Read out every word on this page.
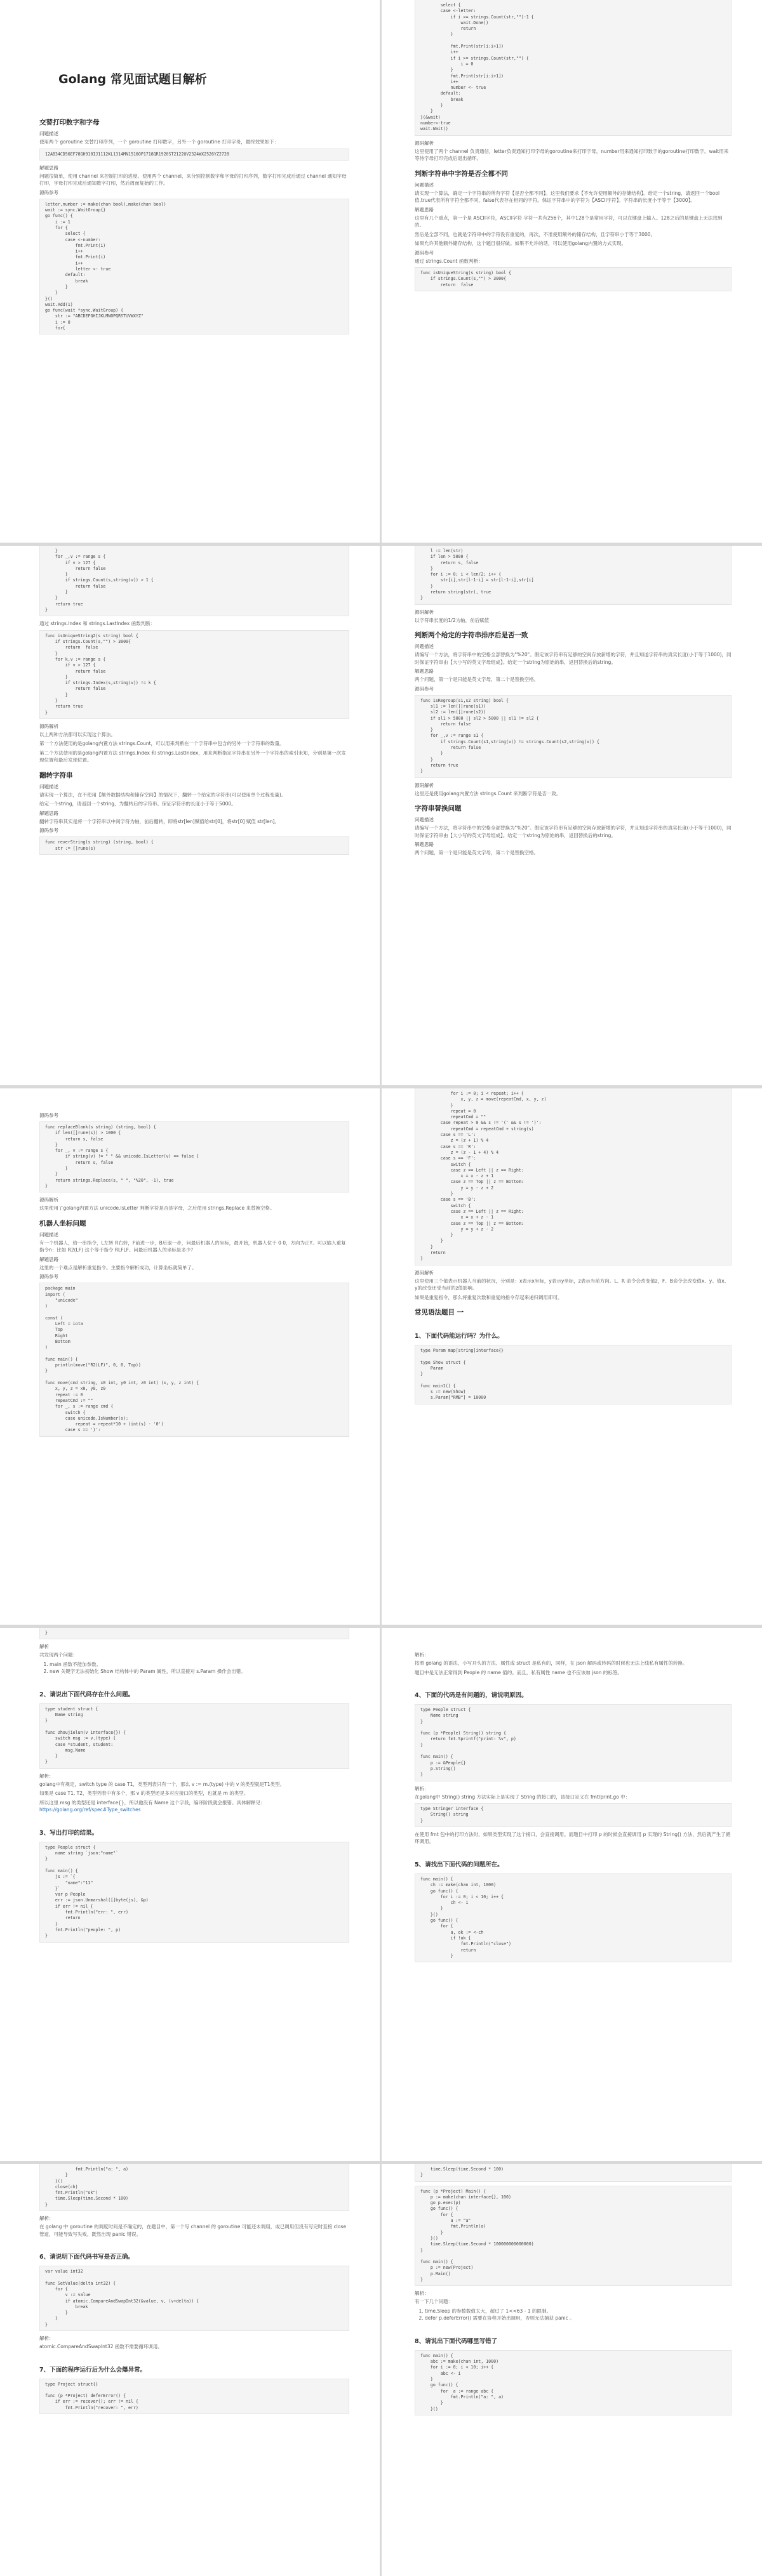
Golang 常见面试题目解析
交替打印数字和字母
问题描述
使用两个 goroutine 交替打印序列，一个 goroutine 打印数字，另外一个 goroutine 打印字母，最终效果如下：
12AB34CD56EF78GH910IJ1112KL1314MN1516OP1718QR1920ST2122UV2324WX2526YZ2728
解题思路
问题很简单，使用 channel 来控制打印的进度。使用两个 channel，来分别控制数字和字母的打印序列，数字打印完成后通过 channel 通知字母打印，字母打印完成后通知数字打印，然后周而复始的工作。
源码参考
letter,number := make(chan bool),make(chan bool)
wait := sync.WaitGroup{}
go func() {
i := 1
for {
select {
case <-number:
fmt.Print(i)
i++
fmt.Print(i)
i++
letter <- true
default:
break
}
}
}()
wait.Add(1)
go func(wait *sync.WaitGroup) {
str := "ABCDEFGHIJKLMNOPQRSTUVWXYZ"
i := 0
for{
select {
case <-letter:
if i >= strings.Count(str,"")-1 {
wait.Done()
return
}

fmt.Print(str[i:i+1])
i++
if i >= strings.Count(str,"") {
i = 0
}
fmt.Print(str[i:i+1])
i++
number <- true
default:
break
}
}
}(&wait)
number<-true
wait.Wait()
源码解析
这里使用了两个 channel 负责通信，letter负责通知打印字母的goroutine来打印字母，number用来通知打印数字的goroutine打印数字。wait用来等待字母打印完成后退出循环。
判断字符串中字符是否全都不同
问题描述
请实现一个算法，确定一个字符串的所有字符【是否全都不同】。这里我们要求【不允许使用额外的存储结构】。给定一个string，请返回一个bool值,true代表所有字符全都不同，false代表存在相同的字符。保证字符串中的字符为【ASCII字符】。字符串的长度小于等于【3000】。
解题思路
这里有几个重点，第一个是 ASCII字符，ASCII字符 字符一共有256个，其中128个是常用字符，可以在键盘上输入。128之后的是键盘上无法找到的。
然后是全部不同，也就是字符串中的字符没有重复的，再次，不准使用额外的储存结构，且字符串小于等于3000。
如果允许其他额外储存结构，这个题目很好做。如果不允许的话，可以使用golang内置的方式实现。
源码参考
通过 strings.Count 函数判断：
func isUniqueString(s string) bool {
if strings.Count(s,"") > 3000{
return  false
}
for _,v := range s {
if v > 127 {
return false
}
if strings.Count(s,string(v)) > 1 {
return false
}
}
return true
}
通过 strings.Index 和 strings.LastIndex 函数判断：
func isUniqueString2(s string) bool {
if strings.Count(s,"") > 3000{
return  false
}
for k,v := range s {
if v > 127 {
return false
}
if strings.Index(s,string(v)) != k {
return false
}
}
return true
}
源码解析
以上两种方法都可以实现这个算法。
第一个方法使用的是golang内置方法 strings.Count，可以用来判断在一个字符串中包含的另外一个字符串的数量。
第二个方法使用的是golang内置方法 strings.Index 和 strings.LastIndex，用来判断指定字符串在另外一个字符串的索引未知，分别是第一次发现位置和最后发现位置。
翻转字符串
问题描述
请实现一个算法，在不使用【额外数据结构和储存空间】的情况下，翻转一个给定的字符串(可以使用单个过程变量)。
给定一个string，请返回一个string，为翻转后的字符串。保证字符串的长度小于等于5000。
解题思路
翻转字符串其实是将一个字符串以中间字符为轴，前后翻转，即将str[len]赋值给str[0]，将str[0] 赋值 str[len]。
源码参考
func reverString(s string) (string, bool) {
str := []rune(s)
l := len(str)
if len > 5000 {
return s, false
}
for i := 0; i < len/2; i++ {
str[i],str[l-1-i] = str[l-1-i],str[i]
}
return string(str), true
}
源码解析
以字符串长度的1/2为轴，前后赋值
判断两个给定的字符串排序后是否一致
问题描述
请编写一个方法，将字符串中的空格全部替换为"%20"。假定该字符串有足够的空间存放新增的字符，并且知道字符串的真实长度(小于等于1000)，同时保证字符串由【大小写的英文字母组成】。给定一个string为原始的串，返回替换后的string。
解题思路
两个问题，第一个是只能是英文字母，第二个是替换空格。
源码参考
func isRegroup(s1,s2 string) bool {
sl1 := len([]rune(s1))
sl2 := len([]rune(s2))
if sl1 > 5000 || sl2 > 5000 || sl1 != sl2 {
return false
}
for _,v := range s1 {
if strings.Count(s1,string(v)) != strings.Count(s2,string(v)) {
return false
}
}
return true
}
源码解析
这里还是使用golang内置方法 strings.Count 来判断字符是否一致。
字符串替换问题
问题描述
请编写一个方法，将字符串中的空格全部替换为"%20"。假定该字符串有足够的空间存放新增的字符，并且知道字符串的真实长度(小于等于1000)，同时保证字符串由【大小写的英文字母组成】。给定一个string为原始的串，返回替换后的string。
解题思路
两个问题，第一个是只能是英文字母，第二个是替换空格。
源码参考
func replaceBlank(s string) (string, bool) {
if len([]rune(s)) > 1000 {
return s, false
}
for _, v := range s {
if string(v) != " " && unicode.IsLetter(v) == false {
return s, false
}
}
return strings.Replace(s, " ", "%20", -1), true
}
源码解析
这里使用了golang内置方法 unicode.IsLetter 判断字符是否是字母，之后使用 strings.Replace 来替换空格。
机器人坐标问题
问题描述
有一个机器人，给一串指令，L左转 R右转，F前进一步，B后退一步，问最后机器人的坐标，最开始，机器人位于 0 0，方向为正Y。可以输入重复指令n：比如 R2(LF) 这个等于指令 RLFLF。问最后机器人的坐标是多少？
解题思路
这里的一个难点是解析重复指令。主要指令解析成功，计算坐标就简单了。
源码参考
package main
import (
"unicode"
)

const (
Left = iota
Top
Right
Bottom
)

func main() {
println(move("R2(LF)", 0, 0, Top))
}

func move(cmd string, x0 int, y0 int, z0 int) (x, y, z int) {
x, y, z = x0, y0, z0
repeat := 0
repeatCmd := ""
for _, s := range cmd {
switch {
case unicode.IsNumber(s):
repeat = repeat*10 + (int(s) - '0')
case s == ')':
for i := 0; i < repeat; i++ {
x, y, z = move(repeatCmd, x, y, z)
}
repeat = 0
repeatCmd = ""
case repeat > 0 && s != '(' && s != ')':
repeatCmd = repeatCmd + string(s)
case s == 'L':
z = (z + 1) % 4
case s == 'R':
z = (z - 1 + 4) % 4
case s == 'F':
switch {
case z == Left || z == Right:
x = x - z + 1
case z == Top || z == Bottom:
y = y - z + 2
}
case s == 'B':
switch {
case z == Left || z == Right:
x = x + z - 1
case z == Top || z == Bottom:
y = y + z - 2
}
}
}
return
}
源码解析
这里使用三个值表示机器人当前的状况，分别是：x表示x坐标，y表示y坐标，z表示当前方向。L、R 命令会改变值z，F、B命令会改变值x、y。值x、y的改变还受当前的z值影响。
如果是重复指令，那么将重复次数和重复的指令存起来递归调用即可。
常见语法题目 一
1、下面代码能运行吗？为什么。
type Param map[string]interface{}

type Show struct {
Param
}

func main1() {
s := new(Show)
s.Param["RMB"] = 10000
}
解析
共发现两个问题：
1. main 函数不能加参数。
2. new 关键字无法初始化 Show 结构体中的 Param 属性，所以直接对 s.Param 操作会出错。
2、请说出下面代码存在什么问题。
type student struct {
Name string
}

func zhoujielun(v interface{}) {
switch msg := v.(type) {
case *student, student:
msg.Name
}
}
解析：
golang中有规定，switch type 的 case T1，类型列表只有一个，那么 v := m.(type) 中的 v 的类型就是T1类型。
如果是 case T1, T2，类型列表中有多个，那 v 的类型还是多对应接口的类型，也就是 m 的类型。
所以这里 msg 的类型还是 interface{}，所以他没有 Name 这个字段，编译阶段就会报错。具体解释见：https://golang.org/ref/spec#Type_switches
3、写出打印的结果。
type People struct {
name string `json:"name"`
}

func main() {
js := `{
"name":"11"
}`
var p People
err := json.Unmarshal([]byte(js), &p)
if err != nil {
fmt.Println("err: ", err)
return
}
fmt.Println("people: ", p)
}
解析：
按照 golang 的语法，小写开头的方法、属性或 struct 是私有的，同样，在 json 解码或转码的时候也无法上线私有属性的转换。
题目中是无法正常得到 People 的 name 值的。而且，私有属性 name 也不应该加 json 的标签。
4、下面的代码是有问题的，请说明原因。
type People struct {
Name string
}

func (p *People) String() string {
return fmt.Sprintf("print: %v", p)
}

func main() {
p := &People{}
p.String()
}
解析：
在golang中 String() string 方法实际上是实现了 String 的接口的，该接口定义在 fmt/print.go 中：
type Stringer interface {
String() string
}
在使用 fmt 包中的打印方法时，如果类型实现了这个接口，会直接调用。而题目中打印 p 的时候会直接调用 p 实现的 String() 方法，然后就产生了循环调用。
5、请找出下面代码的问题所在。
func main() {
ch := make(chan int, 1000)
go func() {
for i := 0; i < 10; i++ {
ch <- i
}
}()
go func() {
for {
a, ok := <-ch
if !ok {
fmt.Println("close")
return
}
fmt.Println("a: ", a)
}
}()
close(ch)
fmt.Println("ok")
time.Sleep(time.Second * 100)
}
解析：
在 golang 中 goroutine 的调度时间是不确定的，在题目中，第一个写 channel 的 goroutine 可能还未调用，或已调用但没有写完时直接 close 管道，可能导致写失败，既然出现 panic 错误。
6、请说明下面代码书写是否正确。
var value int32

func SetValue(delta int32) {
for {
v := value
if atomic.CompareAndSwapInt32(&value, v, (v+delta)) {
break
}
}
}
解析：
atomic.CompareAndSwapInt32 函数不需要循环调用。
7、下面的程序运行后为什么会爆异常。
type Project struct{}

func (p *Project) deferError() {
if err := recover(); err != nil {
fmt.Println("recover: ", err)
time.Sleep(time.Second * 100)
}
func (p *Project) Main() {
p := make(chan interface{}, 100)
go p.exec(p)
go func() {
for {
a := "a"
fmt.Println(a)
}
}()
time.Sleep(time.Second * 100000000000000)
}

func main() {
p := new(Project)
p.Main()
}
解析：
有一下几个问题：
1. time.Sleep 的参数数值太大，超过了 1<<63 - 1 的限制。
2. defer p.deferError() 需要在协程开始出调用，否则无法捕获 panic 。
8、请说出下面代码哪里写错了
func main() {
abc := make(chan int, 1000)
for i := 0; i < 10; i++ {
abc <- i
}
go func() {
for  a := range abc {
fmt.Println("a: ", a)
}
}()
